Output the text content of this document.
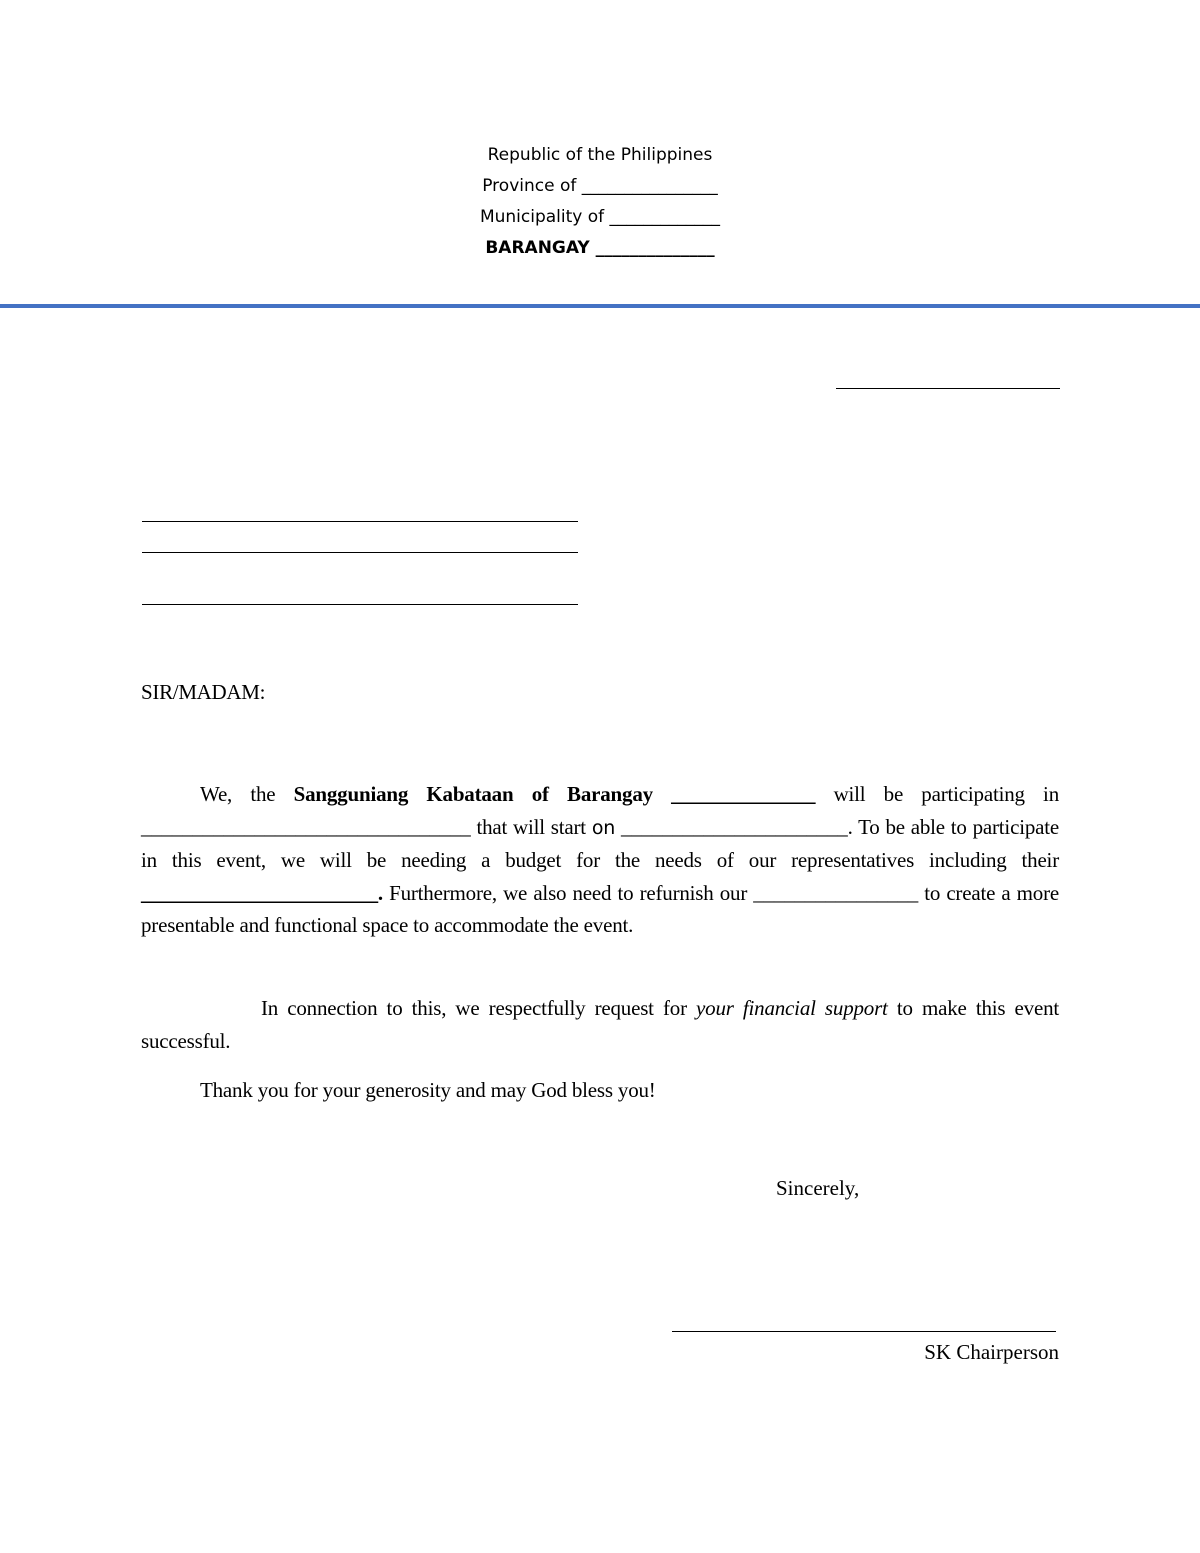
Republic of the Philippines
Province of ________________
Municipality of _____________
BARANGAY ______________
SIR/MADAM:
We, the Sangguniang Kabataan of Barangay ______________ will be participating in ________________________________ that will start on ______________________. To be able to participate in this event, we will be needing a budget for the needs of our representatives including their _______________________. Furthermore, we also need to refurnish our ________________ to create a more presentable and functional space to accommodate the event.
In connection to this, we respectfully request for your financial support to make this event successful.
Thank you for your generosity and may God bless you!
Sincerely,
SK Chairperson
